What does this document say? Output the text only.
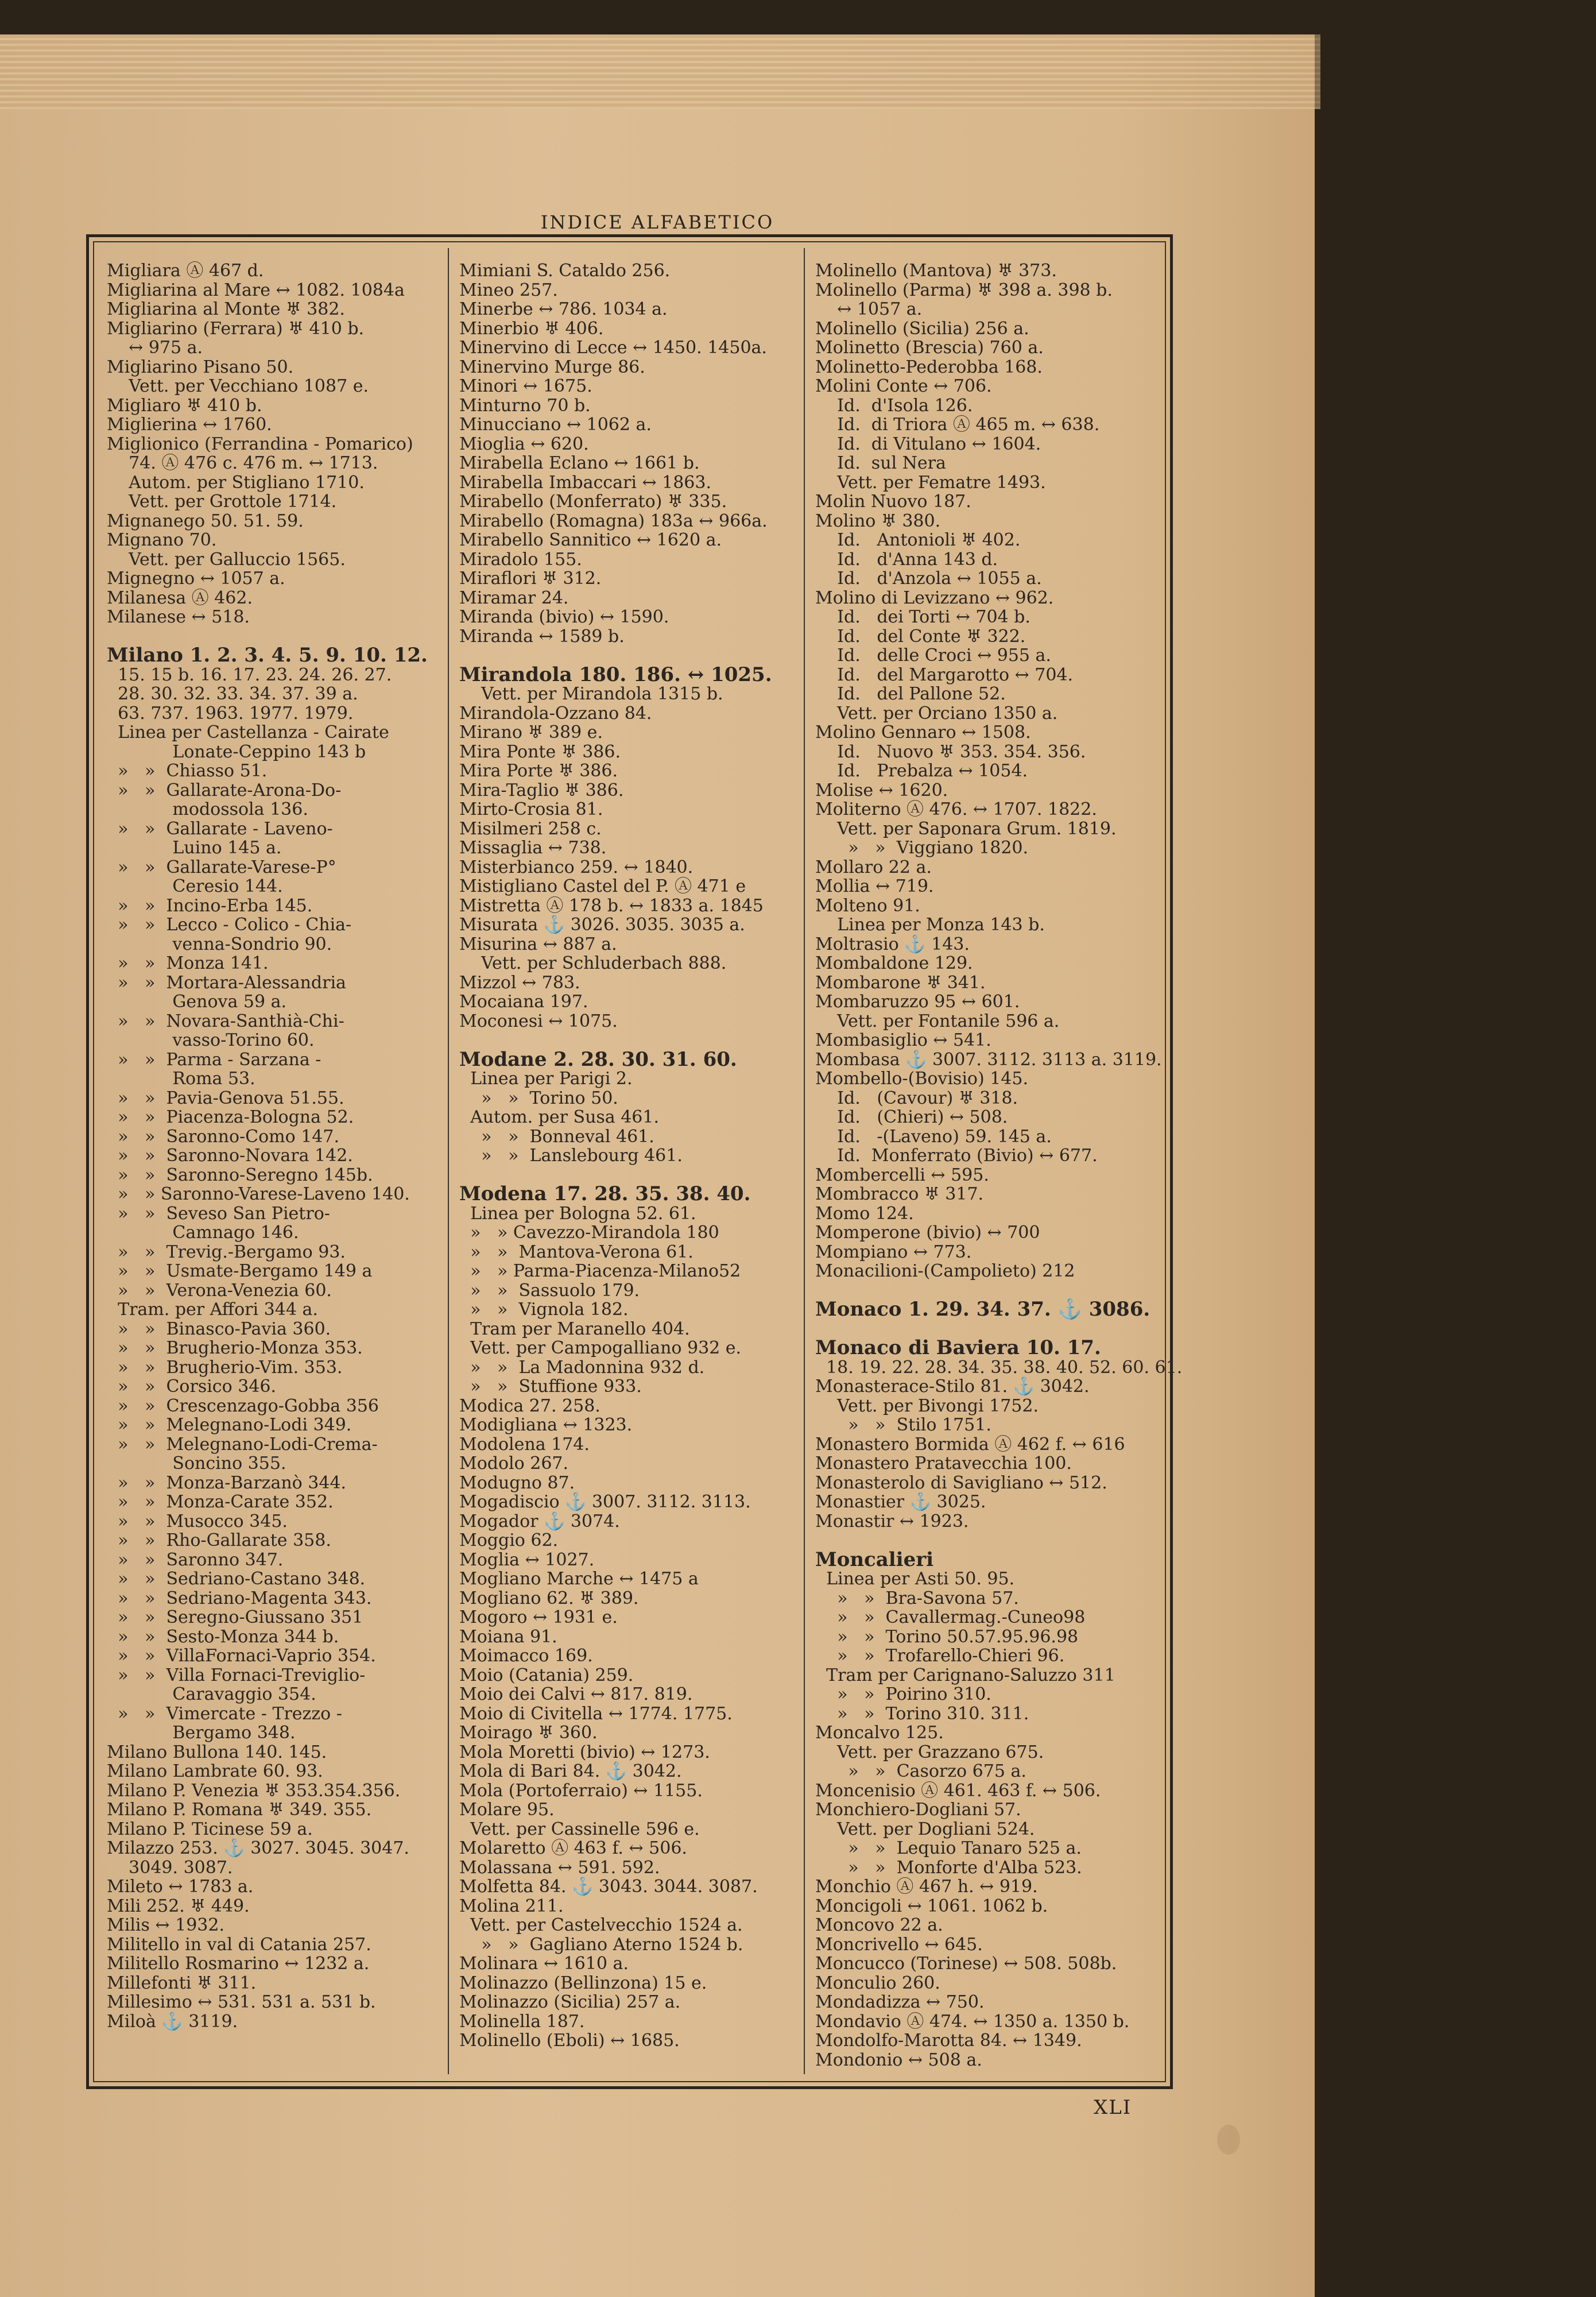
INDICE ALFABETICO
Migliara Ⓐ 467 d.
Migliarina al Mare ↔ 1082. 1084a
Migliarina al Monte ♅ 382.
Migliarino (Ferrara) ♅ 410 b.
↔ 975 a.
Migliarino Pisano 50.
Vett. per Vecchiano 1087 e.
Migliaro ♅ 410 b.
Miglierina ↔ 1760.
Miglionico (Ferrandina - Pomarico)
74. Ⓐ 476 c. 476 m. ↔ 1713.
Autom. per Stigliano 1710.
Vett. per Grottole 1714.
Mignanego 50. 51. 59.
Mignano 70.
Vett. per Galluccio 1565.
Mignegno ↔ 1057 a.
Milanesa Ⓐ 462.
Milanese ↔ 518.
Milano 1. 2. 3. 4. 5. 9. 10. 12.
15. 15 b. 16. 17. 23. 24. 26. 27.
28. 30. 32. 33. 34. 37. 39 a.
63. 737. 1963. 1977. 1979.
Linea per Castellanza - Cairate
Lonate-Ceppino 143 b
»   »  Chiasso 51.
»   »  Gallarate-Arona-Do-
modossola 136.
»   »  Gallarate - Laveno-
Luino 145 a.
»   »  Gallarate-Varese-P°
Ceresio 144.
»   »  Incino-Erba 145.
»   »  Lecco - Colico - Chia-
venna-Sondrio 90.
»   »  Monza 141.
»   »  Mortara-Alessandria
Genova 59 a.
»   »  Novara-Santhià-Chi-
vasso-Torino 60.
»   »  Parma - Sarzana -
Roma 53.
»   »  Pavia-Genova 51.55.
»   »  Piacenza-Bologna 52.
»   »  Saronno-Como 147.
»   »  Saronno-Novara 142.
»   »  Saronno-Seregno 145b.
»   » Saronno-Varese-Laveno 140.
»   »  Seveso San Pietro-
Camnago 146.
»   »  Trevig.-Bergamo 93.
»   »  Usmate-Bergamo 149 a
»   »  Verona-Venezia 60.
Tram. per Affori 344 a.
»   »  Binasco-Pavia 360.
»   »  Brugherio-Monza 353.
»   »  Brugherio-Vim. 353.
»   »  Corsico 346.
»   »  Crescenzago-Gobba 356
»   »  Melegnano-Lodi 349.
»   »  Melegnano-Lodi-Crema-
Soncino 355.
»   »  Monza-Barzanò 344.
»   »  Monza-Carate 352.
»   »  Musocco 345.
»   »  Rho-Gallarate 358.
»   »  Saronno 347.
»   »  Sedriano-Castano 348.
»   »  Sedriano-Magenta 343.
»   »  Seregno-Giussano 351
»   »  Sesto-Monza 344 b.
»   »  VillaFornaci-Vaprio 354.
»   »  Villa Fornaci-Treviglio-
Caravaggio 354.
»   »  Vimercate - Trezzo -
Bergamo 348.
Milano Bullona 140. 145.
Milano Lambrate 60. 93.
Milano P. Venezia ♅ 353.354.356.
Milano P. Romana ♅ 349. 355.
Milano P. Ticinese 59 a.
Milazzo 253. ⚓ 3027. 3045. 3047.
3049. 3087.
Mileto ↔ 1783 a.
Mili 252. ♅ 449.
Milis ↔ 1932.
Militello in val di Catania 257.
Militello Rosmarino ↔ 1232 a.
Millefonti ♅ 311.
Millesimo ↔ 531. 531 a. 531 b.
Miloà ⚓ 3119.
Mimiani S. Cataldo 256.
Mineo 257.
Minerbe ↔ 786. 1034 a.
Minerbio ♅ 406.
Minervino di Lecce ↔ 1450. 1450a.
Minervino Murge 86.
Minori ↔ 1675.
Minturno 70 b.
Minucciano ↔ 1062 a.
Mioglia ↔ 620.
Mirabella Eclano ↔ 1661 b.
Mirabella Imbaccari ↔ 1863.
Mirabello (Monferrato) ♅ 335.
Mirabello (Romagna) 183a ↔ 966a.
Mirabello Sannitico ↔ 1620 a.
Miradolo 155.
Miraflori ♅ 312.
Miramar 24.
Miranda (bivio) ↔ 1590.
Miranda ↔ 1589 b.
Mirandola 180. 186. ↔ 1025.
Vett. per Mirandola 1315 b.
Mirandola-Ozzano 84.
Mirano ♅ 389 e.
Mira Ponte ♅ 386.
Mira Porte ♅ 386.
Mira-Taglio ♅ 386.
Mirto-Crosia 81.
Misilmeri 258 c.
Missaglia ↔ 738.
Misterbianco 259. ↔ 1840.
Mistigliano Castel del P. Ⓐ 471 e
Mistretta Ⓐ 178 b. ↔ 1833 a. 1845
Misurata ⚓ 3026. 3035. 3035 a.
Misurina ↔ 887 a.
Vett. per Schluderbach 888.
Mizzol ↔ 783.
Mocaiana 197.
Moconesi ↔ 1075.
Modane 2. 28. 30. 31. 60.
Linea per Parigi 2.
»   »  Torino 50.
Autom. per Susa 461.
»   »  Bonneval 461.
»   »  Lanslebourg 461.
Modena 17. 28. 35. 38. 40.
Linea per Bologna 52. 61.
»   » Cavezzo-Mirandola 180
»   »  Mantova-Verona 61.
»   » Parma-Piacenza-Milano52
»   »  Sassuolo 179.
»   »  Vignola 182.
Tram per Maranello 404.
Vett. per Campogalliano 932 e.
»   »  La Madonnina 932 d.
»   »  Stuffione 933.
Modica 27. 258.
Modigliana ↔ 1323.
Modolena 174.
Modolo 267.
Modugno 87.
Mogadiscio ⚓ 3007. 3112. 3113.
Mogador ⚓ 3074.
Moggio 62.
Moglia ↔ 1027.
Mogliano Marche ↔ 1475 a
Mogliano 62. ♅ 389.
Mogoro ↔ 1931 e.
Moiana 91.
Moimacco 169.
Moio (Catania) 259.
Moio dei Calvi ↔ 817. 819.
Moio di Civitella ↔ 1774. 1775.
Moirago ♅ 360.
Mola Moretti (bivio) ↔ 1273.
Mola di Bari 84. ⚓ 3042.
Mola (Portoferraio) ↔ 1155.
Molare 95.
Vett. per Cassinelle 596 e.
Molaretto Ⓐ 463 f. ↔ 506.
Molassana ↔ 591. 592.
Molfetta 84. ⚓ 3043. 3044. 3087.
Molina 211.
Vett. per Castelvecchio 1524 a.
»   »  Gagliano Aterno 1524 b.
Molinara ↔ 1610 a.
Molinazzo (Bellinzona) 15 e.
Molinazzo (Sicilia) 257 a.
Molinella 187.
Molinello (Eboli) ↔ 1685.
Molinello (Mantova) ♅ 373.
Molinello (Parma) ♅ 398 a. 398 b.
↔ 1057 a.
Molinello (Sicilia) 256 a.
Molinetto (Brescia) 760 a.
Molinetto-Pederobba 168.
Molini Conte ↔ 706.
Id.  d'Isola 126.
Id.  di Triora Ⓐ 465 m. ↔ 638.
Id.  di Vitulano ↔ 1604.
Id.  sul Nera
Vett. per Fematre 1493.
Molin Nuovo 187.
Molino ♅ 380.
Id.   Antonioli ♅ 402.
Id.   d'Anna 143 d.
Id.   d'Anzola ↔ 1055 a.
Molino di Levizzano ↔ 962.
Id.   dei Torti ↔ 704 b.
Id.   del Conte ♅ 322.
Id.   delle Croci ↔ 955 a.
Id.   del Margarotto ↔ 704.
Id.   del Pallone 52.
Vett. per Orciano 1350 a.
Molino Gennaro ↔ 1508.
Id.   Nuovo ♅ 353. 354. 356.
Id.   Prebalza ↔ 1054.
Molise ↔ 1620.
Moliterno Ⓐ 476. ↔ 1707. 1822.
Vett. per Saponara Grum. 1819.
»   »  Viggiano 1820.
Mollaro 22 a.
Mollia ↔ 719.
Molteno 91.
Linea per Monza 143 b.
Moltrasio ⚓ 143.
Mombaldone 129.
Mombarone ♅ 341.
Mombaruzzo 95 ↔ 601.
Vett. per Fontanile 596 a.
Mombasiglio ↔ 541.
Mombasa ⚓ 3007. 3112. 3113 a. 3119.
Mombello-(Bovisio) 145.
Id.   (Cavour) ♅ 318.
Id.   (Chieri) ↔ 508.
Id.   -(Laveno) 59. 145 a.
Id.  Monferrato (Bivio) ↔ 677.
Mombercelli ↔ 595.
Mombracco ♅ 317.
Momo 124.
Momperone (bivio) ↔ 700
Mompiano ↔ 773.
Monacilioni-(Campolieto) 212
Monaco 1. 29. 34. 37. ⚓ 3086.
Monaco di Baviera 10. 17.
18. 19. 22. 28. 34. 35. 38. 40. 52. 60. 61.
Monasterace-Stilo 81. ⚓ 3042.
Vett. per Bivongi 1752.
»   »  Stilo 1751.
Monastero Bormida Ⓐ 462 f. ↔ 616
Monastero Pratavecchia 100.
Monasterolo di Savigliano ↔ 512.
Monastier ⚓ 3025.
Monastir ↔ 1923.
Moncalieri
Linea per Asti 50. 95.
»   »  Bra-Savona 57.
»   »  Cavallermag.-Cuneo98
»   »  Torino 50.57.95.96.98
»   »  Trofarello-Chieri 96.
Tram per Carignano-Saluzzo 311
»   »  Poirino 310.
»   »  Torino 310. 311.
Moncalvo 125.
Vett. per Grazzano 675.
»   »  Casorzo 675 a.
Moncenisio Ⓐ 461. 463 f. ↔ 506.
Monchiero-Dogliani 57.
Vett. per Dogliani 524.
»   »  Lequio Tanaro 525 a.
»   »  Monforte d'Alba 523.
Monchio Ⓐ 467 h. ↔ 919.
Moncigoli ↔ 1061. 1062 b.
Moncovo 22 a.
Moncrivello ↔ 645.
Moncucco (Torinese) ↔ 508. 508b.
Monculio 260.
Mondadizza ↔ 750.
Mondavio Ⓐ 474. ↔ 1350 a. 1350 b.
Mondolfo-Marotta 84. ↔ 1349.
Mondonio ↔ 508 a.
XLI
